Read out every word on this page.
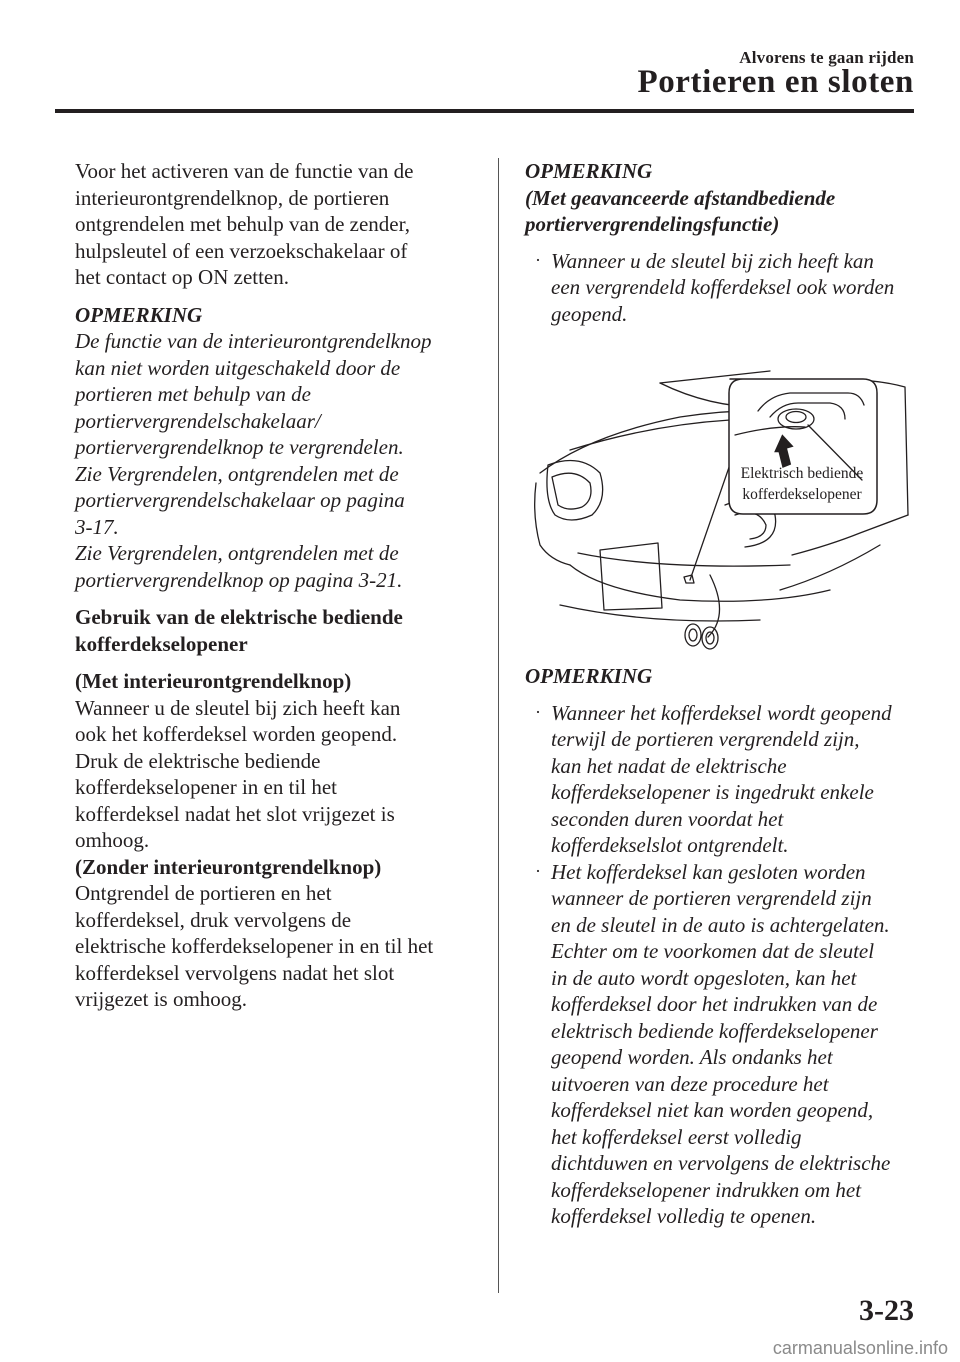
Alvorens te gaan rijden
Portieren en sloten

Voor het activeren van de functie van de
interieurontgrendelknop, de portieren
ontgrendelen met behulp van de zender,
hulpsleutel of een verzoekschakelaar of
het contact op ON zetten.

OPMERKING

De functie van de interieurontgrendelknop
kan niet worden uitgeschakeld door de
portieren met behulp van de
portiervergrendelschakelaar/
portiervergrendelknop te vergrendelen.
Zie Vergrendelen, ontgrendelen met de
portiervergrendelschakelaar op pagina
3-17.
Zie Vergrendelen, ontgrendelen met de
portiervergrendelknop op pagina 3-21.

Gebruik van de elektrische bediende
kofferdekselopener

(Met interieurontgrendelknop)

Wanneer u de sleutel bij zich heeft kan
ook het kofferdeksel worden geopend.
Druk de elektrische bediende
kofferdekselopener in en til het
kofferdeksel nadat het slot vrijgezet is
omhoog.

(Zonder interieurontgrendelknop)

Ontgrendel de portieren en het
kofferdeksel, druk vervolgens de
elektrische kofferdekselopener in en til het
kofferdeksel vervolgens nadat het slot
vrijgezet is omhoog.

OPMERKING

(Met geavanceerde afstandbediende
portiervergrendelingsfunctie)

· Wanneer u de sleutel bij zich heeft kan
een vergrendeld kofferdeksel ook worden
geopend.

OPMERKING

· Wanneer het kofferdeksel wordt geopend
terwijl de portieren vergrendeld zijn,
kan het nadat de elektrische
kofferdekselopener is ingedrukt enkele
seconden duren voordat het
kofferdekselslot ontgrendelt.
· Het kofferdeksel kan gesloten worden
wanneer de portieren vergrendeld zijn
en de sleutel in de auto is achtergelaten.
Echter om te voorkomen dat de sleutel
in de auto wordt opgesloten, kan het
kofferdeksel door het indrukken van de
elektrisch bediende kofferdekselopener
geopend worden. Als ondanks het
uitvoeren van deze procedure het
kofferdeksel niet kan worden geopend,
het kofferdeksel eerst volledig
dichtduwen en vervolgens de elektrische
kofferdekselopener indrukken om het
kofferdeksel volledig te openen.
Elektrisch bediende
kofferdekselopener
3-23
carmanualsonline.info
